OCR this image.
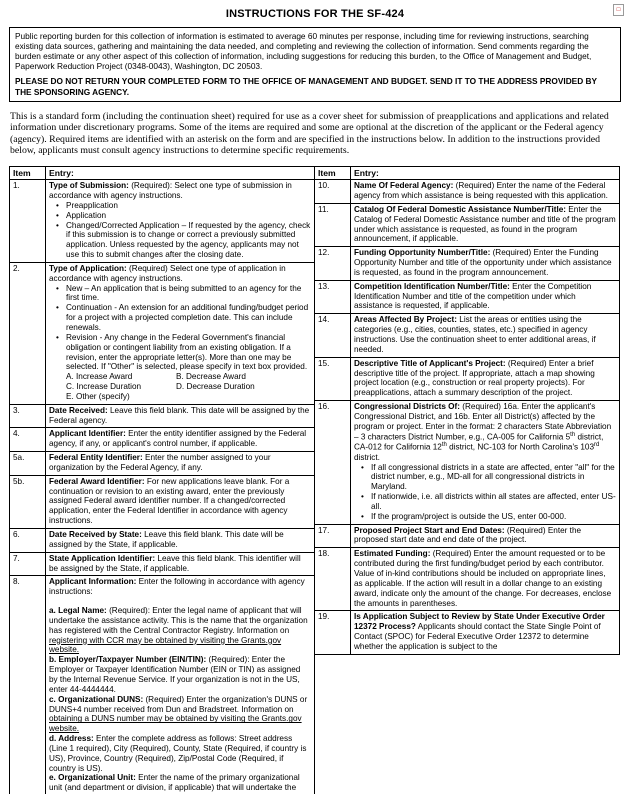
□
INSTRUCTIONS FOR THE SF-424
Public reporting burden for this collection of information is estimated to average 60 minutes per response, including time for reviewing instructions, searching existing data sources, gathering and maintaining the data needed, and completing and reviewing the collection of information. Send comments regarding the burden estimate or any other aspect of this collection of information, including suggestions for reducing this burden, to the Office of Management and Budget, Paperwork Reduction Project (0348-0043), Washington, DC 20503.
PLEASE DO NOT RETURN YOUR COMPLETED FORM TO THE OFFICE OF MANAGEMENT AND BUDGET. SEND IT TO THE ADDRESS PROVIDED BY THE SPONSORING AGENCY.
This is a standard form (including the continuation sheet) required for use as a cover sheet for submission of preapplications and applications and related information under discretionary programs. Some of the items are required and some are optional at the discretion of the applicant or the Federal agency (agency). Required items are identified with an asterisk on the form and are specified in the instructions below. In addition to the instructions provided below, applicants must consult agency instructions to determine specific requirements.
Item	Entry:
1.	Type of Submission: (Required): Select one type of submission in accordance with agency instructions.
• Preapplication
• Application
• Changed/Corrected Application – If requested by the agency, check if this submission is to change or correct a previously submitted application. Unless requested by the agency, applicants may not use this to submit changes after the closing date.

2.	Type of Application: (Required) Select one type of application in accordance with agency instructions.
• New – An application that is being submitted to an agency for the first time.
• Continuation - An extension for an additional funding/budget period for a project with a projected completion date. This can include renewals.
• Revision - Any change in the Federal Government's financial obligation or contingent liability from an existing obligation. If a revision, enter the appropriate letter(s). More than one may be selected. If "Other" is selected, please specify in text box provided.
A. Increase Award	B. Decrease Award
C. Increase Duration	D. Decrease Duration
E. Other (specify)

3.	Date Received: Leave this field blank. This date will be assigned by the Federal agency.

4.	Applicant Identifier: Enter the entity identifier assigned by the Federal agency, if any, or applicant's control number, if applicable.

5a.	Federal Entity Identifier: Enter the number assigned to your organization by the Federal Agency, if any.

5b.	Federal Award Identifier: For new applications leave blank. For a continuation or revision to an existing award, enter the previously assigned Federal award identifier number. If a changed/corrected application, enter the Federal Identifier in accordance with agency instructions.

6.	Date Received by State: Leave this field blank. This date will be assigned by the State, if applicable.

7.	State Application Identifier: Leave this field blank. This identifier will be assigned by the State, if applicable.

8.	Applicant Information: Enter the following in accordance with agency instructions:
a. Legal Name: (Required): Enter the legal name of applicant that will undertake the assistance activity. This is the name that the organization has registered with the Central Contractor Registry. Information on registering with CCR may be obtained by visiting the Grants.gov website.
b. Employer/Taxpayer Number (EIN/TIN): (Required): Enter the Employer or Taxpayer Identification Number (EIN or TIN) as assigned by the Internal Revenue Service. If your organization is not in the US, enter 44-4444444.
c. Organizational DUNS: (Required) Enter the organization's DUNS or DUNS+4 number received from Dun and Bradstreet. Information on obtaining a DUNS number may be obtained by visiting the Grants.gov website.
d. Address: Enter the complete address as follows: Street address (Line 1 required), City (Required), County, State (Required, if country is US), Province, Country (Required), Zip/Postal Code (Required, if country is US).
e. Organizational Unit: Enter the name of the primary organizational unit (and department or division, if applicable) that will undertake the
Item	Entry:
10.	Name Of Federal Agency: (Required) Enter the name of the Federal agency from which assistance is being requested with this application.

11.	Catalog Of Federal Domestic Assistance Number/Title: Enter the Catalog of Federal Domestic Assistance number and title of the program under which assistance is requested, as found in the program announcement, if applicable.

12.	Funding Opportunity Number/Title: (Required) Enter the Funding Opportunity Number and title of the opportunity under which assistance is requested, as found in the program announcement.

13.	Competition Identification Number/Title: Enter the Competition Identification Number and title of the competition under which assistance is requested, if applicable.

14.	Areas Affected By Project: List the areas or entities using the categories (e.g., cities, counties, states, etc.) specified in agency instructions. Use the continuation sheet to enter additional areas, if needed.

15.	Descriptive Title of Applicant's Project: (Required) Enter a brief descriptive title of the project. If appropriate, attach a map showing project location (e.g., construction or real property projects). For preapplications, attach a summary description of the project.

16.	Congressional Districts Of: (Required) 16a. Enter the applicant's Congressional District, and 16b. Enter all District(s) affected by the program or project. Enter in the format: 2 characters State Abbreviation – 3 characters District Number, e.g., CA-005 for California 5th district, CA-012 for California 12th district, NC-103 for North Carolina's 103rd district.
• If all congressional districts in a state are affected, enter "all" for the district number, e.g., MD-all for all congressional districts in Maryland.
• If nationwide, i.e. all districts within all states are affected, enter US-all.
• If the program/project is outside the US, enter 00-000.

17.	Proposed Project Start and End Dates: (Required) Enter the proposed start date and end date of the project.

18.	Estimated Funding: (Required) Enter the amount requested or to be contributed during the first funding/budget period by each contributor. Value of in-kind contributions should be included on appropriate lines, as applicable. If the action will result in a dollar change to an existing award, indicate only the amount of the change. For decreases, enclose the amounts in parentheses.

19.	Is Application Subject to Review by State Under Executive Order 12372 Process? Applicants should contact the State Single Point of Contact (SPOC) for Federal Executive Order 12372 to determine whether the application is subject to the
